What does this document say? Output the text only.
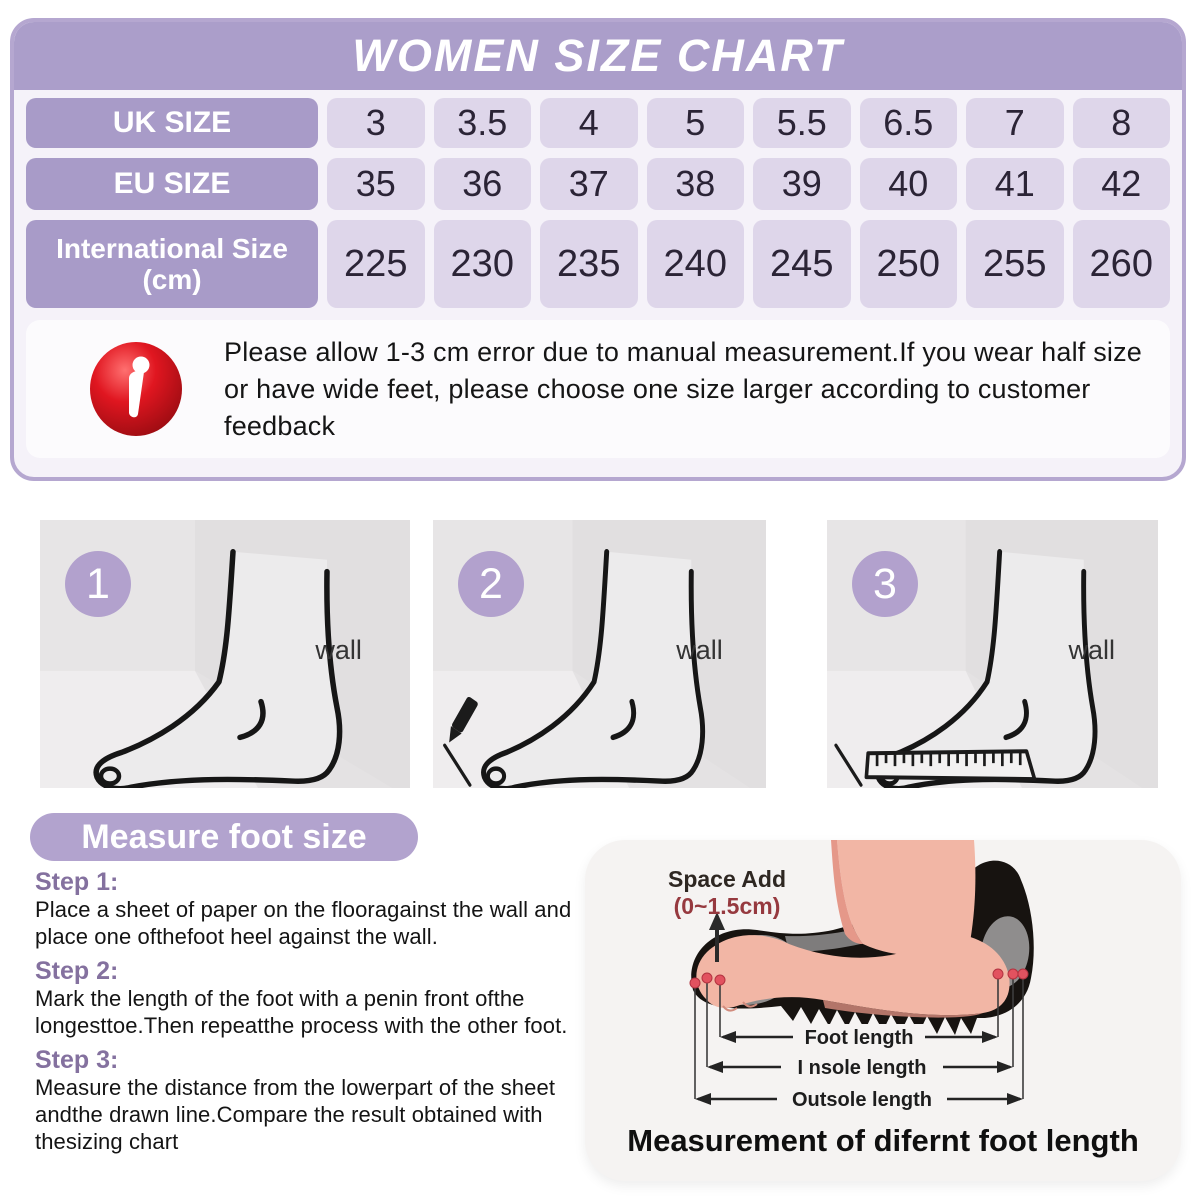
WOMEN SIZE CHART
UK SIZE	3	3.5	4	5	5.5	6.5	7	8
EU SIZE	35	36	37	38	39	40	41	42
International Size (cm)	225	230	235	240	245	250	255	260

Please allow 1-3 cm error due to manual measurement.If you wear half size or have wide feet, please choose one size larger according to customer feedback

1
wall
2
wall
3
wall
Measure foot size
Step 1:
Place a sheet of paper on the flooragainst the wall and place one ofthefoot heel against the wall.
Step 2:
Mark the length of the foot with a penin front ofthe longesttoe.Then repeatthe process with the other foot.
Step 3:
Measure the distance from the lowerpart of the sheet andthe drawn line.Compare the result obtained with thesizing chart
Foot length
I nsole length
Outsole length
Space Add
(0~1.5cm)
Measurement of difernt foot length
